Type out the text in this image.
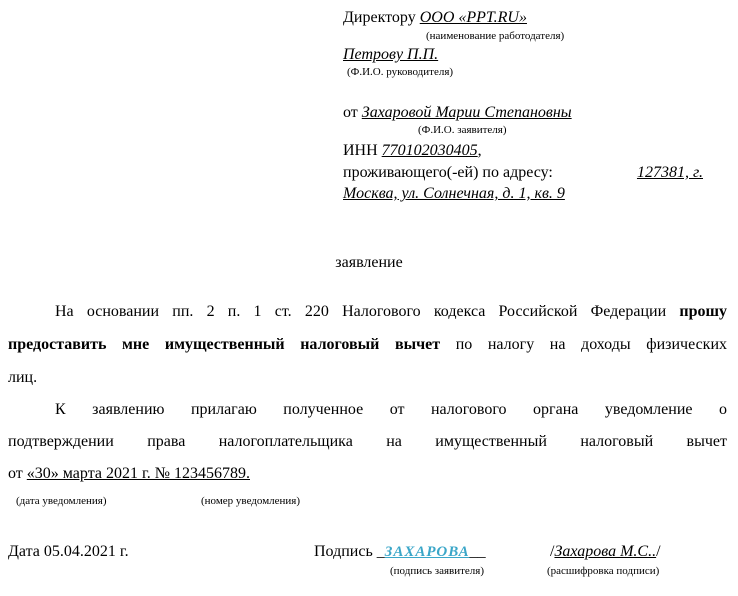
Директору ООО «PPT.RU»
(наименование работодателя)
Петрову П.П.
(Ф.И.О. руководителя)
от Захаровой Марии Степановны
(Ф.И.О. заявителя)
ИНН 770102030405,
проживающего(-ей) по адресу:	127381, г.
Москва, ул. Солнечная, д. 1, кв. 9
заявление
На основании пп. 2 п. 1 ст. 220 Налогового кодекса Российской Федерации прошу
предоставить мне имущественный налоговый вычет по налогу на доходы физических
лиц.
К заявлению прилагаю полученное от налогового органа уведомление о
подтверждении права налогоплательщика на имущественный налоговый вычет
от «30» марта 2021 г. № 123456789.
(дата уведомления)	(номер уведомления)
Дата 05.04.2021 г.	Подпись _ЗАХАРОВА__	/Захарова М.С../
(подпись заявителя)	(расшифровка подписи)
